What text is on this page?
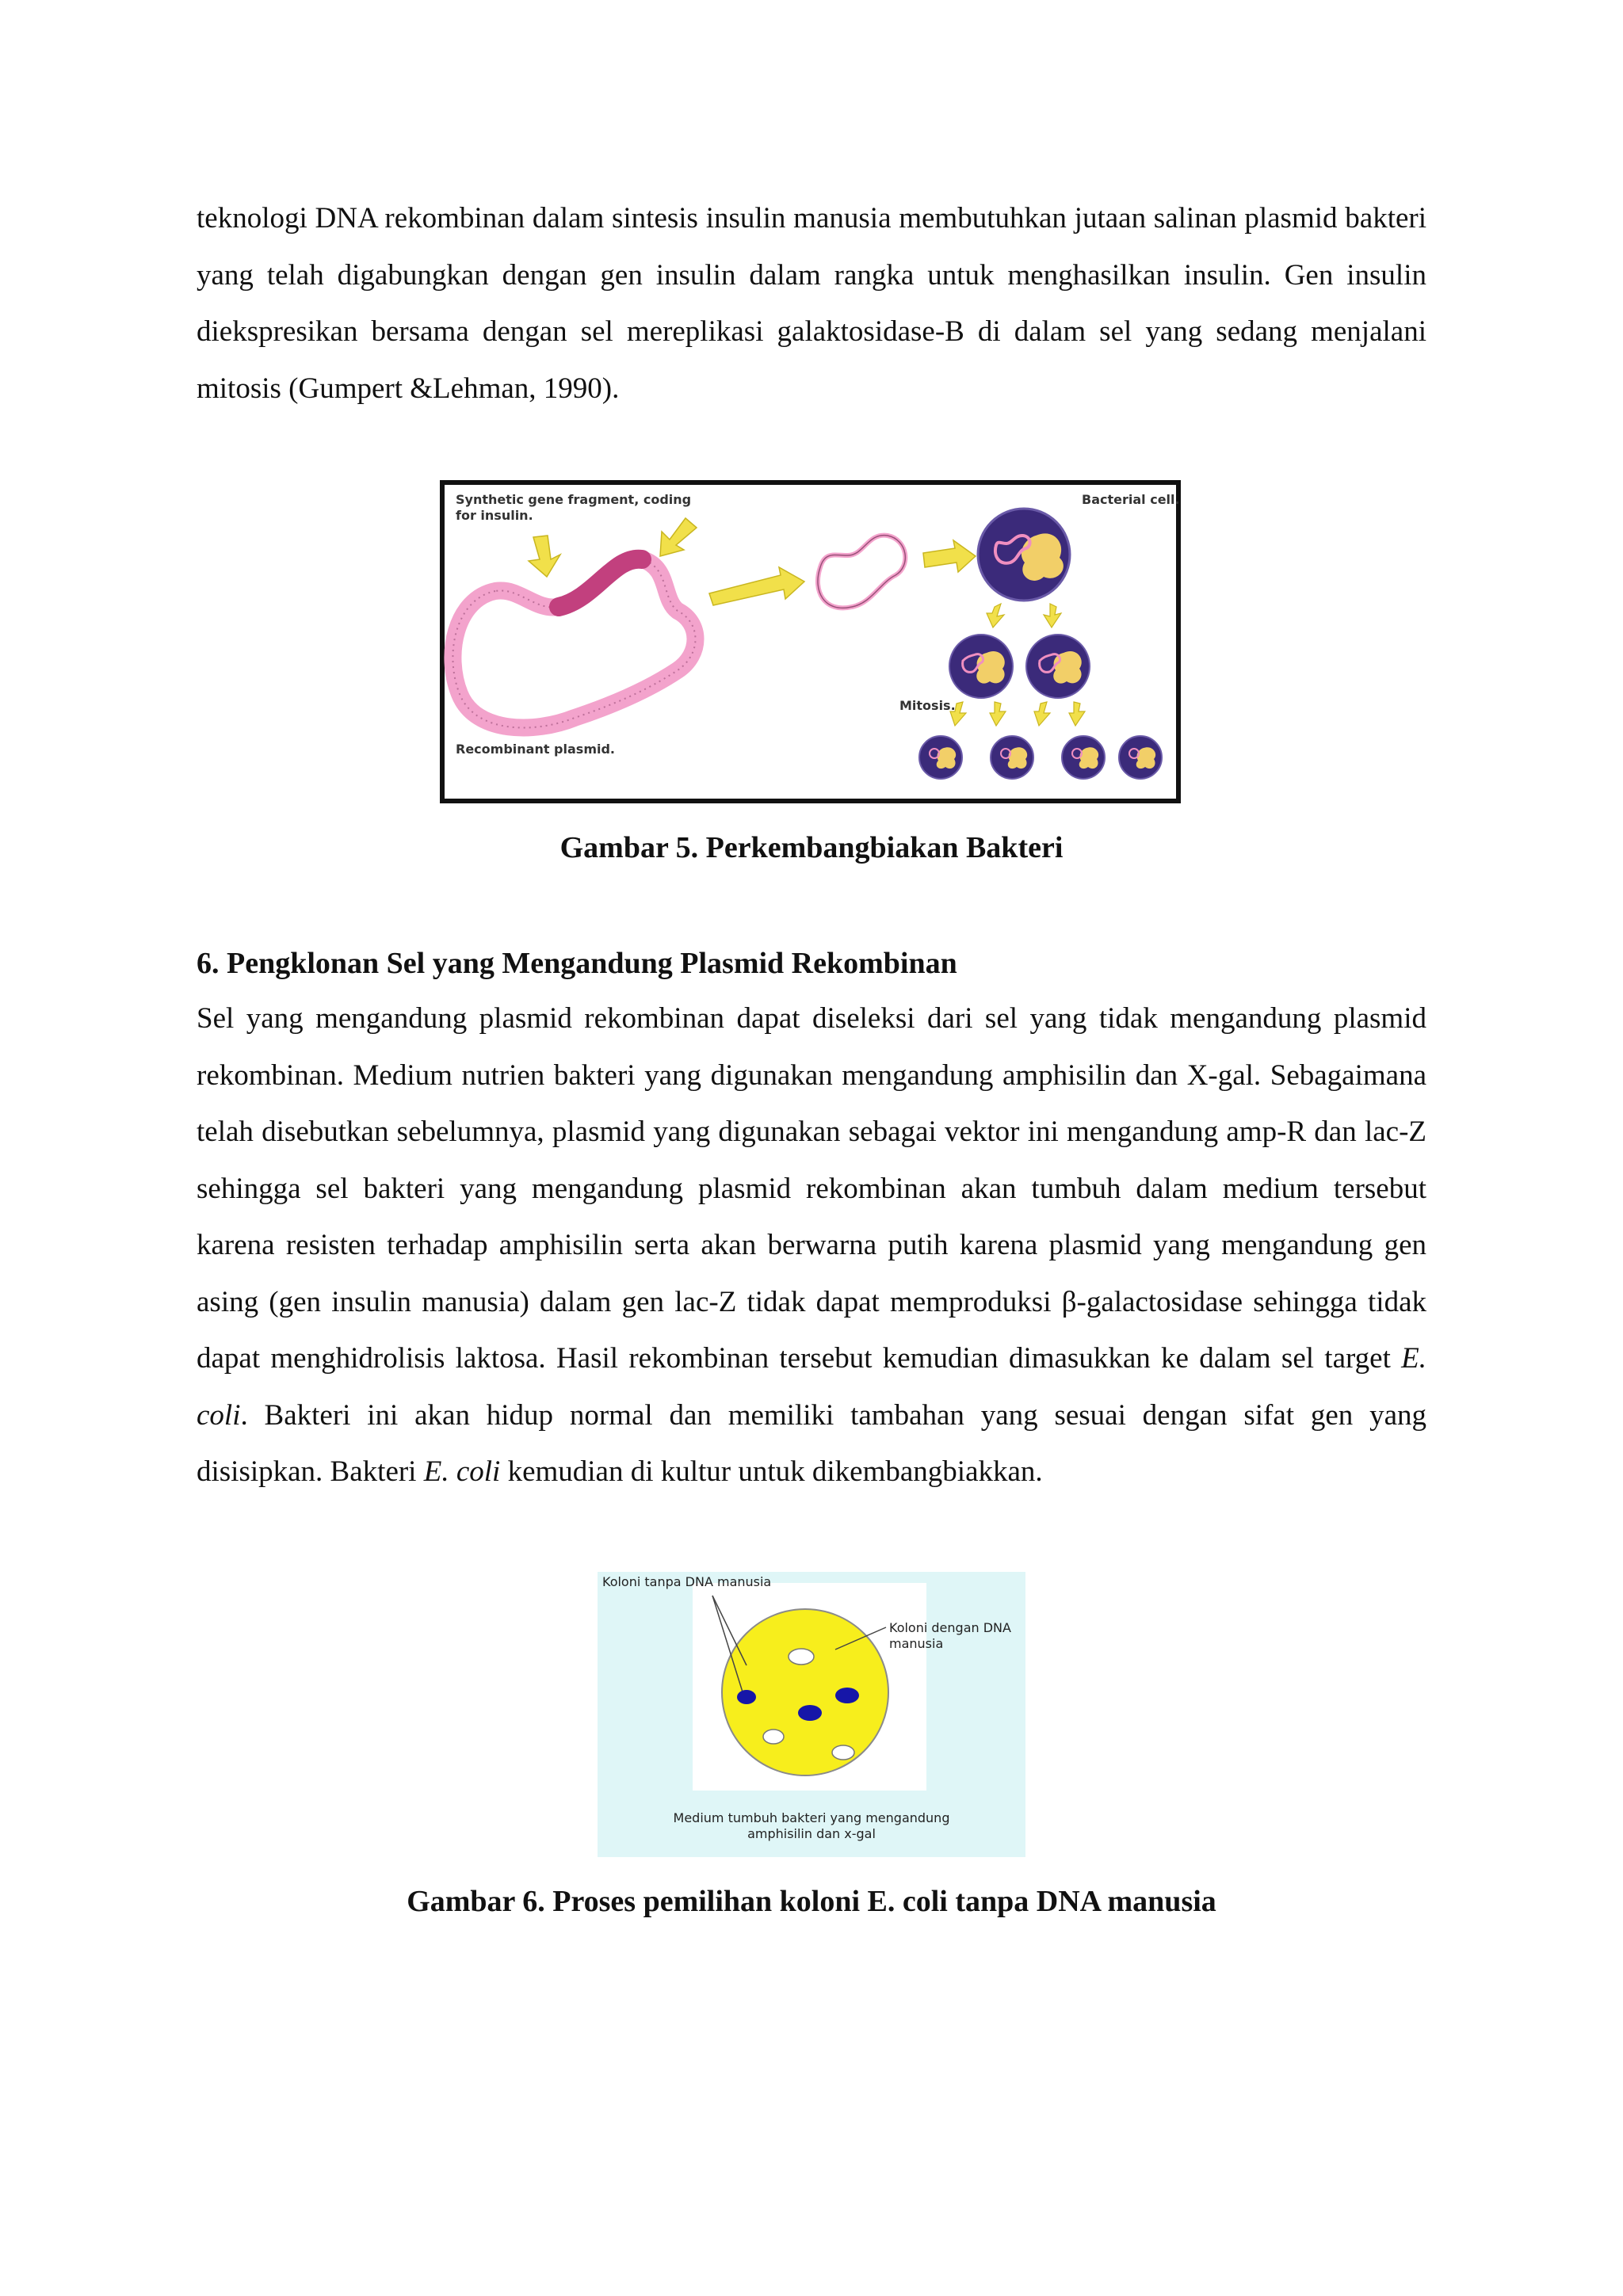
teknologi DNA rekombinan dalam sintesis insulin manusia membutuhkan jutaan salinan plasmid bakteri yang telah digabungkan dengan gen insulin dalam rangka untuk menghasilkan insulin. Gen insulin diekspresikan bersama dengan sel mereplikasi galaktosidase-B di dalam sel yang sedang menjalani mitosis (Gumpert &Lehman, 1990).

Synthetic gene fragment, coding
for insulin.
Bacterial cell.
Mitosis.
Recombinant plasmid.

Gambar 5. Perkembangbiakan Bakteri

6. Pengklonan Sel yang Mengandung Plasmid Rekombinan

Sel yang mengandung plasmid rekombinan dapat diseleksi dari sel yang tidak mengandung plasmid rekombinan. Medium nutrien bakteri yang digunakan mengandung amphisilin dan X-gal. Sebagaimana telah disebutkan sebelumnya, plasmid yang digunakan sebagai vektor ini mengandung amp-R dan lac-Z sehingga sel bakteri yang mengandung plasmid rekombinan akan tumbuh dalam medium tersebut karena resisten terhadap amphisilin serta akan berwarna putih karena plasmid yang mengandung gen asing (gen insulin manusia) dalam gen lac-Z tidak dapat memproduksi β-galactosidase sehingga tidak dapat menghidrolisis laktosa. Hasil rekombinan tersebut kemudian dimasukkan ke dalam sel target E. coli. Bakteri ini akan hidup normal dan memiliki tambahan yang sesuai dengan sifat gen yang disisipkan. Bakteri E. coli kemudian di kultur untuk dikembangbiakkan.

Koloni tanpa DNA manusia
Koloni dengan DNA
manusia
Medium tumbuh bakteri yang mengandung
amphisilin dan x-gal

Gambar 6. Proses pemilihan koloni E. coli tanpa DNA manusia
